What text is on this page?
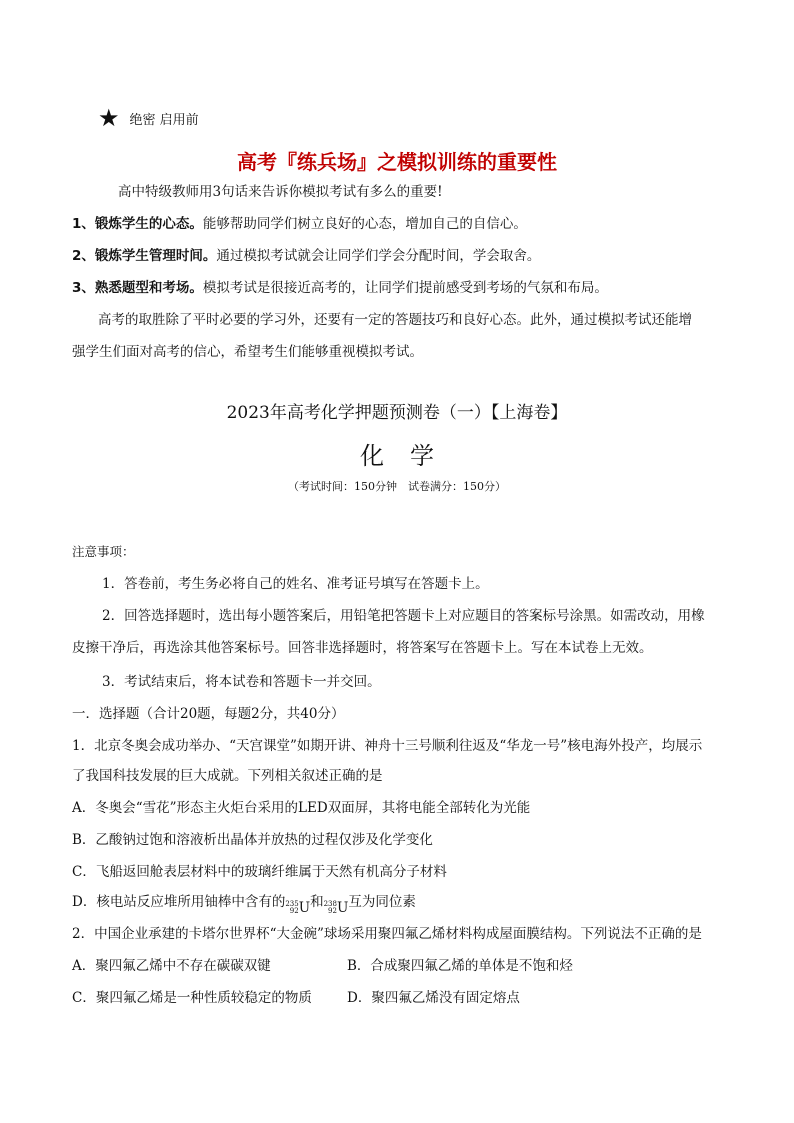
★ 绝密 启用前
高考『练兵场』之模拟训练的重要性
高中特级教师用3句话来告诉你模拟考试有多么的重要!
1、锻炼学生的心态。能够帮助同学们树立良好的心态，增加自己的自信心。
2、锻炼学生管理时间。通过模拟考试就会让同学们学会分配时间，学会取舍。
3、熟悉题型和考场。模拟考试是很接近高考的，让同学们提前感受到考场的气氛和布局。
高考的取胜除了平时必要的学习外，还要有一定的答题技巧和良好心态。此外，通过模拟考试还能增
强学生们面对高考的信心，希望考生们能够重视模拟考试。
2023年高考化学押题预测卷（一）【上海卷】
化学
（考试时间：150分钟　试卷满分：150分）
注意事项：
1．答卷前，考生务必将自己的姓名、准考证号填写在答题卡上。
2．回答选择题时，选出每小题答案后，用铅笔把答题卡上对应题目的答案标号涂黑。如需改动，用橡
皮擦干净后，再选涂其他答案标号。回答非选择题时，将答案写在答题卡上。写在本试卷上无效。
3．考试结束后，将本试卷和答题卡一并交回。
一．选择题（合计20题，每题2分，共40分）
1．北京冬奥会成功举办、“天宫课堂”如期开讲、神舟十三号顺利往返及“华龙一号”核电海外投产，均展示
了我国科技发展的巨大成就。下列相关叙述正确的是
A．冬奥会“雪花”形态主火炬台采用的LED双面屏，其将电能全部转化为光能
B．乙酸钠过饱和溶液析出晶体并放热的过程仅涉及化学变化
C．飞船返回舱表层材料中的玻璃纤维属于天然有机高分子材料
D．核电站反应堆所用铀棒中含有的 235
92 U 和 238
92 U 互为同位素
2．中国企业承建的卡塔尔世界杯“大金碗”球场采用聚四氟乙烯材料构成屋面膜结构。下列说法不正确的是
A．聚四氟乙烯中不存在碳碳双键	B．合成聚四氟乙烯的单体是不饱和烃
C．聚四氟乙烯是一种性质较稳定的物质	D．聚四氟乙烯没有固定熔点
